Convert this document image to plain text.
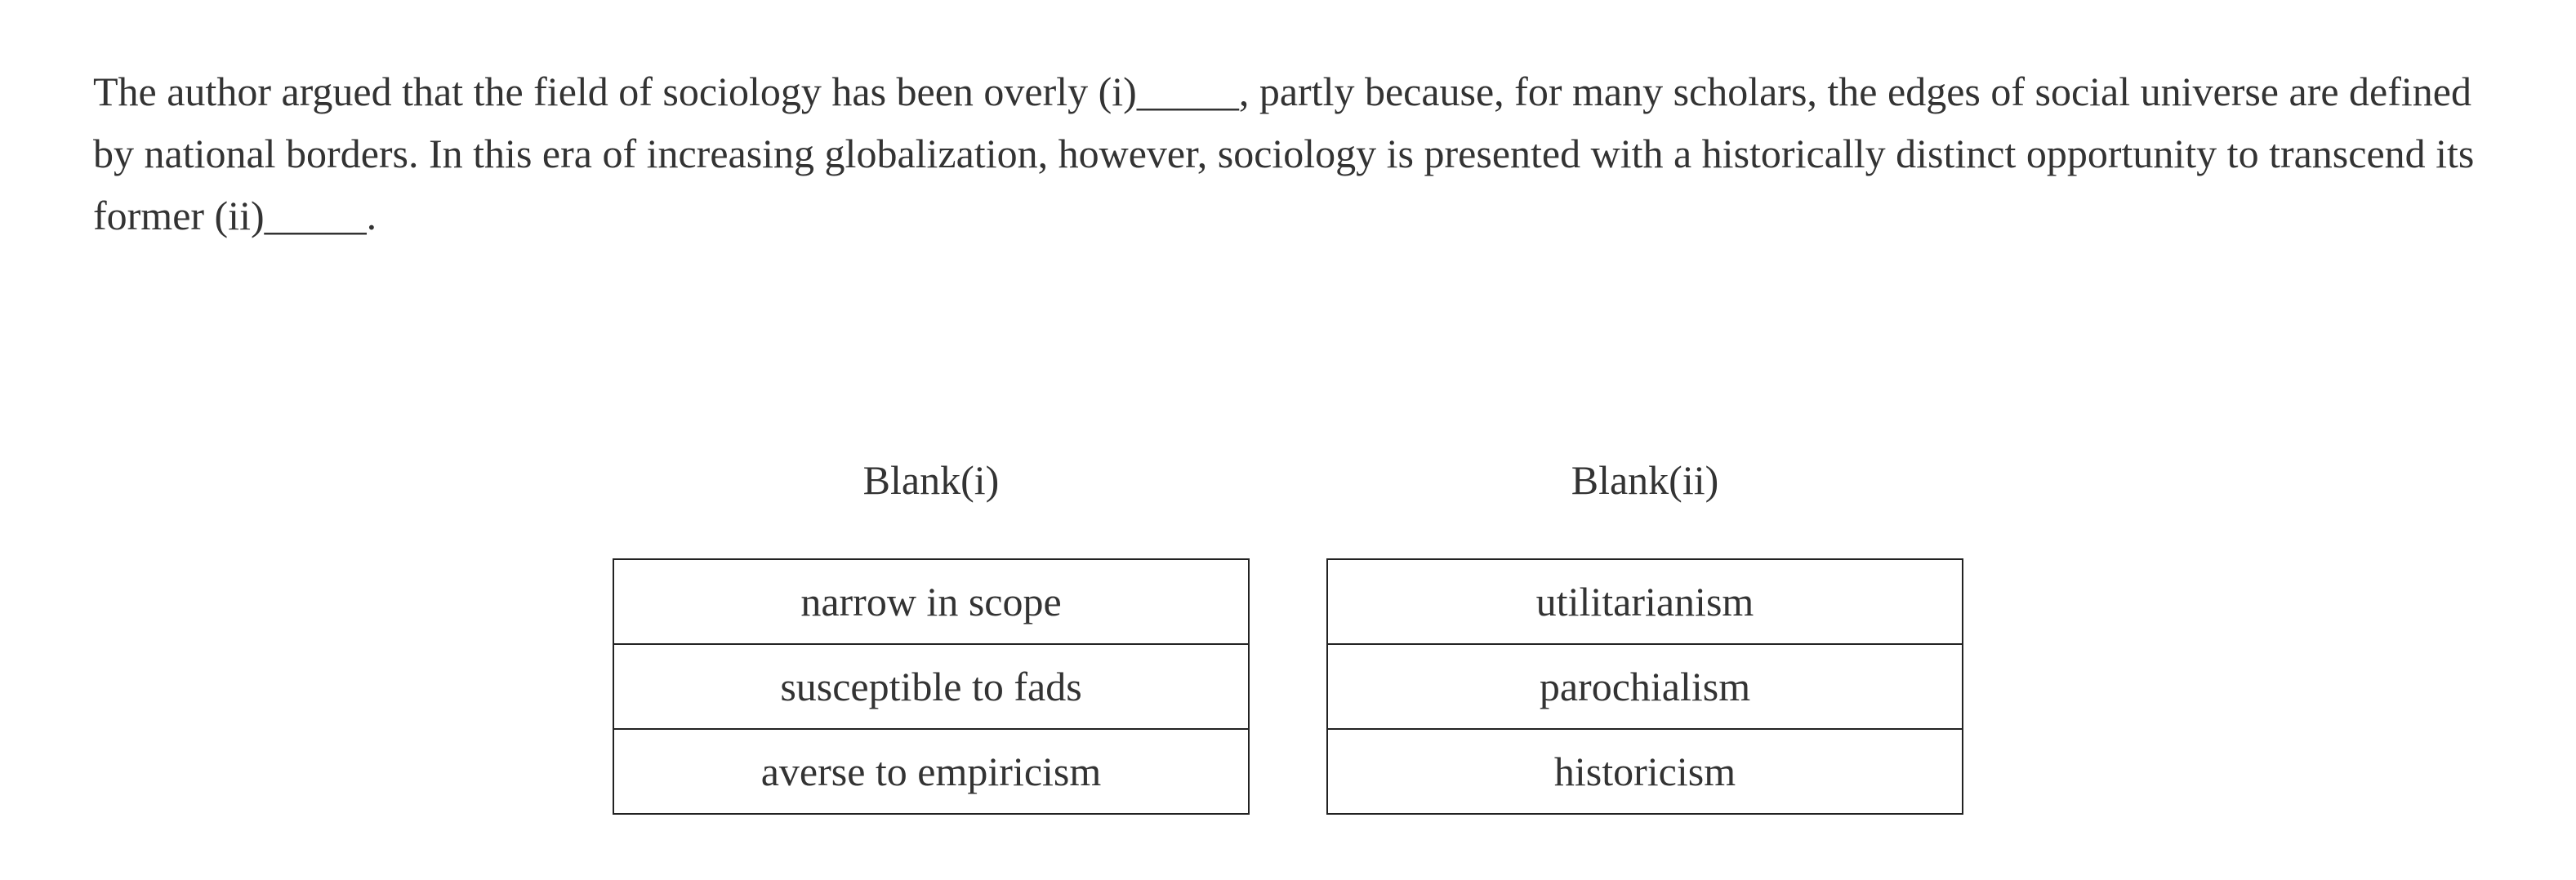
The author argued that the field of sociology has been overly (i)_____, partly because, for many scholars, the edges of social universe are defined by national borders. In this era of increasing globalization, however, sociology is presented with a historically distinct opportunity to transcend its former (ii)_____.

Blank(i)
narrow in scope
susceptible to fads
averse to empiricism
Blank(ii)
utilitarianism
parochialism
historicism
